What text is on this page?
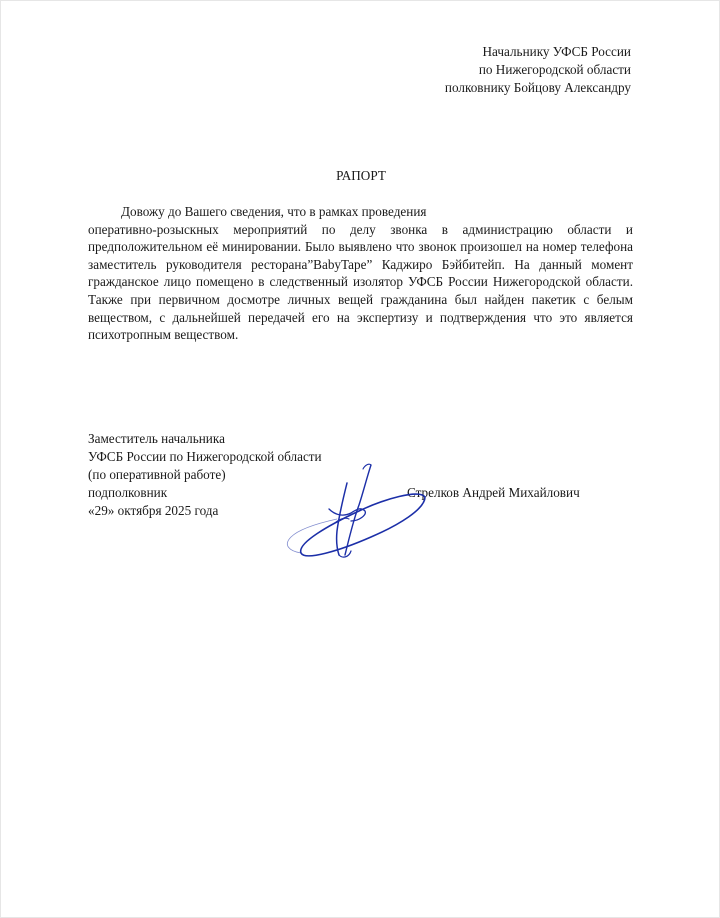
Начальнику УФСБ России
по Нижегородской области
полковнику Бойцову Александру
РАПОРТ
Довожу до Вашего сведения, что в рамках проведения
оперативно-розыскных мероприятий по делу звонка в администрацию области и предположительном её минировании. Было выявлено что звонок произошел на номер телефона заместитель руководителя ресторана”BabyTape” Каджиро Бэйбитейп. На данный момент гражданское лицо помещено в следственный изолятор УФСБ России Нижегородской области. Также при первичном досмотре личных вещей гражданина был найден пакетик с белым веществом, с дальнейшей передачей его на экспертизу и подтверждения что это является психотропным веществом.
Заместитель начальника
УФСБ России по Нижегородской области
(по оперативной работе)
подполковник
«29» октября 2025 года
Стрелков Андрей Михайлович
